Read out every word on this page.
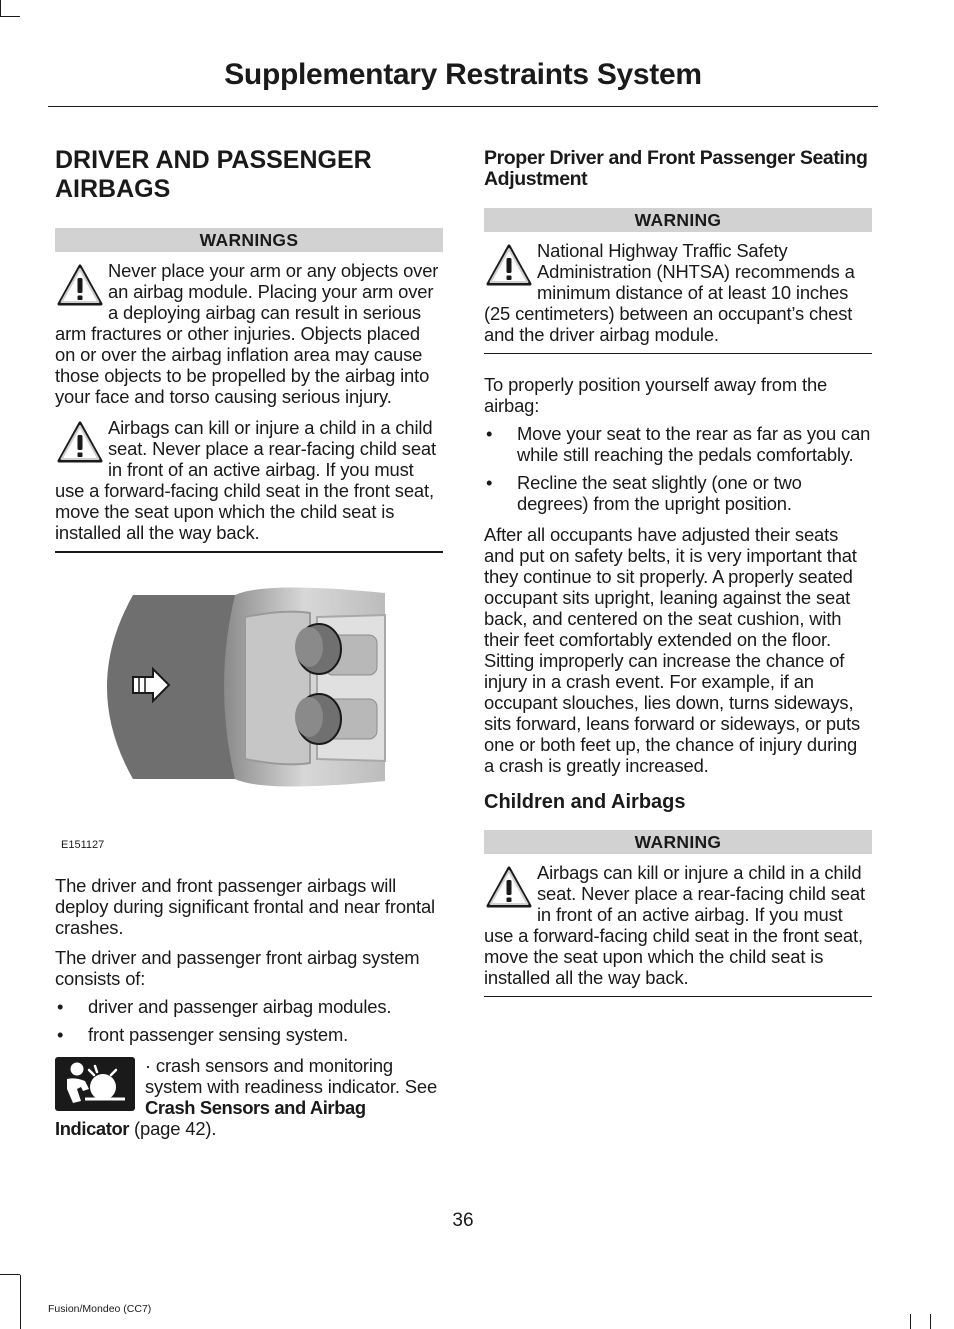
Supplementary Restraints System
DRIVER AND PASSENGER AIRBAGS
WARNINGS

Never place your arm or any objects over an airbag module. Placing your arm over a deploying airbag can result in serious arm fractures or other injuries. Objects placed on or over the airbag inflation area may cause those objects to be propelled by the airbag into your face and torso causing serious injury.

Airbags can kill or injure a child in a child seat. Never place a rear-facing child seat in front of an active airbag. If you must use a forward-facing child seat in the front seat, move the seat upon which the child seat is installed all the way back.

E151127

The driver and front passenger airbags will deploy during significant frontal and near frontal crashes.

The driver and passenger front airbag system consists of:

• driver and passenger airbag modules.
• front passenger sensing system.

· crash sensors and monitoring system with readiness indicator. See Crash Sensors and Airbag Indicator (page 42).

Proper Driver and Front Passenger Seating Adjustment
WARNING

National Highway Traffic Safety Administration (NHTSA) recommends a minimum distance of at least 10 inches (25 centimeters) between an occupant’s chest and the driver airbag module.

To properly position yourself away from the airbag:

• Move your seat to the rear as far as you can while still reaching the pedals comfortably.
• Recline the seat slightly (one or two degrees) from the upright position.

After all occupants have adjusted their seats and put on safety belts, it is very important that they continue to sit properly. A properly seated occupant sits upright, leaning against the seat back, and centered on the seat cushion, with their feet comfortably extended on the floor. Sitting improperly can increase the chance of injury in a crash event. For example, if an occupant slouches, lies down, turns sideways, sits forward, leans forward or sideways, or puts one or both feet up, the chance of injury during a crash is greatly increased.

Children and Airbags
WARNING

Airbags can kill or injure a child in a child seat. Never place a rear-facing child seat in front of an active airbag. If you must use a forward-facing child seat in the front seat, move the seat upon which the child seat is installed all the way back.

36
Fusion/Mondeo (CC7)
